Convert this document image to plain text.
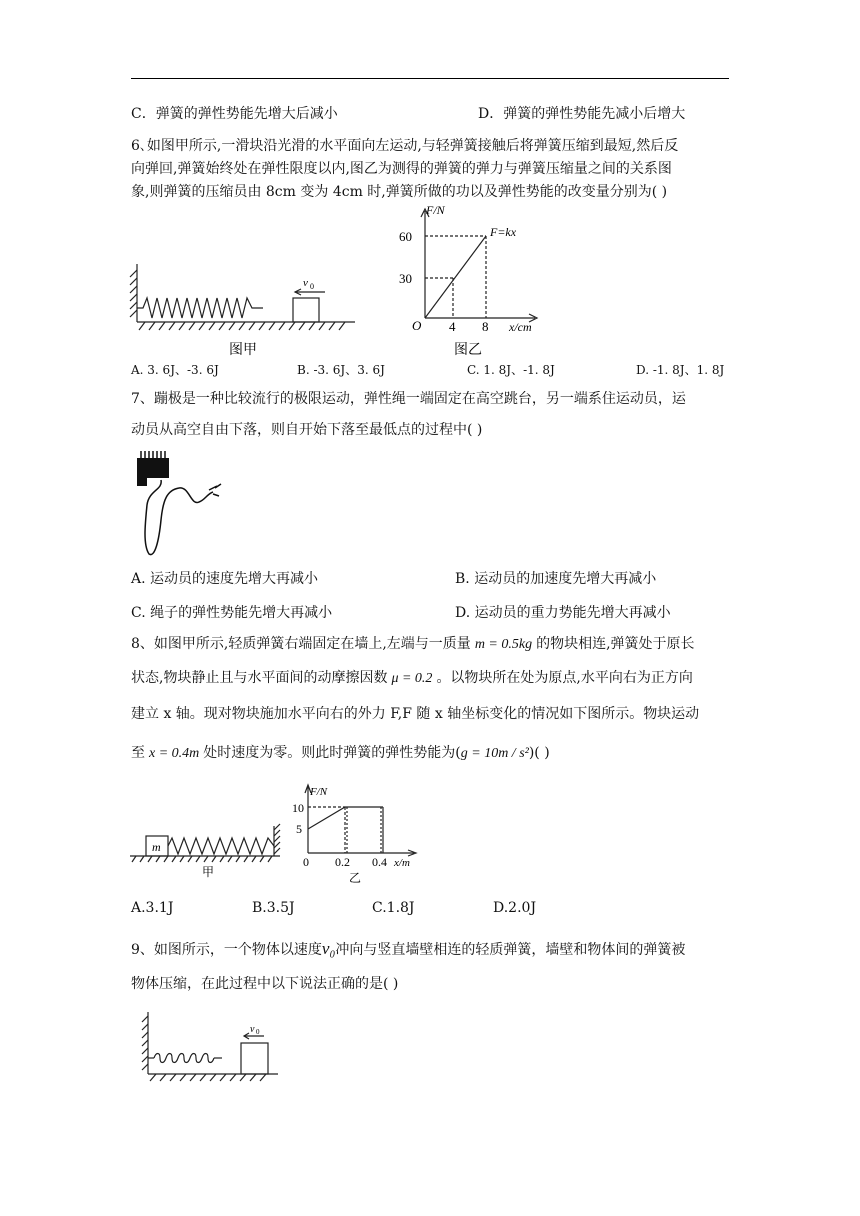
C．弹簧的弹性势能先增大后减小	D．弹簧的弹性势能先减小后增大
6､如图甲所示,一滑块沿光滑的水平面向左运动,与轻弹簧接触后将弹簧压缩到最短,然后反
向弹回,弹簧始终处在弹性限度以内,图乙为测得的弹簧的弹力与弹簧压缩量之间的关系图
象,则弹簧的压缩员由 8cm 变为 4cm 时,弹簧所做的功以及弹性势能的改变量分别为( )
v 0
图甲
F/N
30
60
O 4 8 x/cm
F=kx
图乙
A. 3. 6J、-3. 6J	B. -3. 6J、3. 6J	C. 1. 8J、-1. 8J	D. -1. 8J、1. 8J
7、蹦极是一种比较流行的极限运动，弹性绳一端固定在高空跳台，另一端系住运动员，运
动员从高空自由下落，则自开始下落至最低点的过程中( )
A. 运动员的速度先增大再减小	B. 运动员的加速度先增大再减小
C. 绳子的弹性势能先增大再减小	D. 运动员的重力势能先增大再减小
8、如图甲所示,轻质弹簧右端固定在墙上,左端与一质量 m = 0.5kg 的物块相连,弹簧处于原长
状态,物块静止且与水平面间的动摩擦因数 μ = 0.2 。以物块所在处为原点,水平向右为正方向
建立 x 轴。现对物块施加水平向右的外力 F,F 随 x 轴坐标变化的情况如下图所示。物块运动
至 x = 0.4m 处时速度为零。则此时弹簧的弹性势能为(g = 10m / s²)( )
m
甲
F/N
10
5
0 0.2 0.4 x/m
乙
A.3.1J	B.3.5J	C.1.8J	D.2.0J
9、如图所示，一个物体以速度v₀冲向与竖直墙壁相连的轻质弹簧，墙壁和物体间的弹簧被
物体压缩，在此过程中以下说法正确的是( )
v 0
